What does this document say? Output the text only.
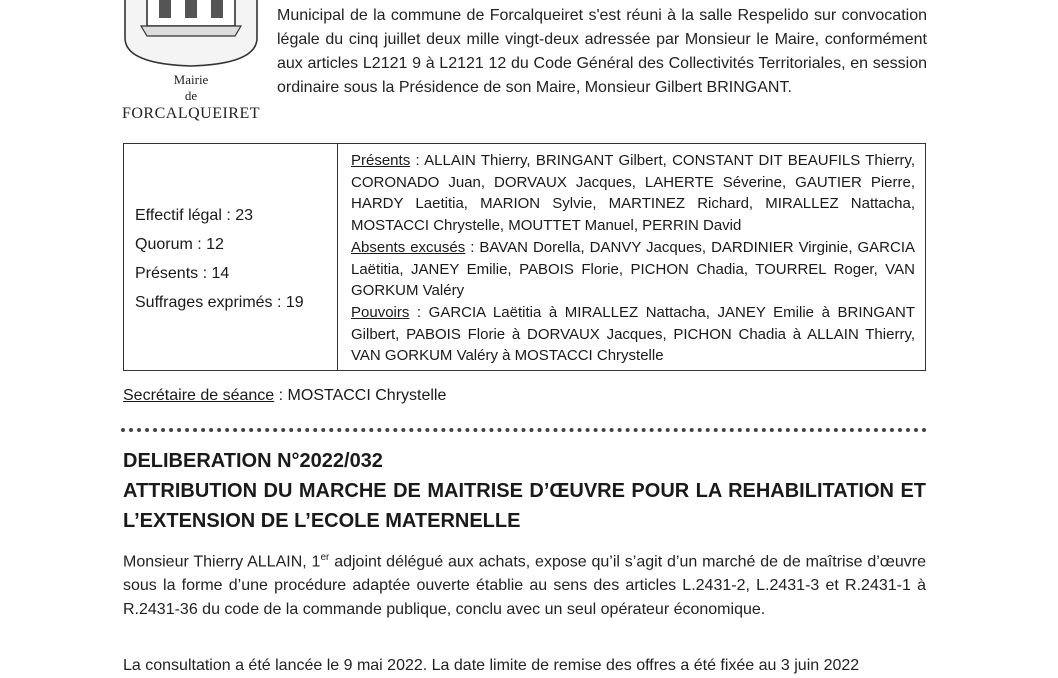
Mairie
de
FORCALQUEIRET
Municipal de la commune de Forcalqueiret s'est réuni à la salle Respelido sur convocation légale du cinq juillet deux mille vingt-deux adressée par Monsieur le Maire, conformément aux articles L2121 9 à L2121 12 du Code Général des Collectivités Territoriales, en session ordinaire sous la Présidence de son Maire, Monsieur Gilbert BRINGANT.
Effectif légal : 23
Quorum : 12
Présents : 14
Suffrages exprimés : 19
Présents : ALLAIN Thierry, BRINGANT Gilbert, CONSTANT DIT BEAUFILS Thierry, CORONADO Juan, DORVAUX Jacques, LAHERTE Séverine, GAUTIER Pierre, HARDY Laetitia, MARION Sylvie, MARTINEZ Richard, MIRALLEZ Nattacha, MOSTACCI Chrystelle, MOUTTET Manuel, PERRIN David
Absents excusés : BAVAN Dorella, DANVY Jacques, DARDINIER Virginie, GARCIA Laëtitia, JANEY Emilie, PABOIS Florie, PICHON Chadia, TOURREL Roger, VAN GORKUM Valéry
Pouvoirs : GARCIA Laëtitia à MIRALLEZ Nattacha, JANEY Emilie à BRINGANT Gilbert, PABOIS Florie à DORVAUX Jacques, PICHON Chadia à ALLAIN Thierry, VAN GORKUM Valéry à MOSTACCI Chrystelle
Secrétaire de séance : MOSTACCI Chrystelle
DELIBERATION N°2022/032
ATTRIBUTION DU MARCHE DE MAITRISE D’ŒUVRE POUR LA REHABILITATION ET
L’EXTENSION DE L’ECOLE MATERNELLE
Monsieur Thierry ALLAIN, 1er adjoint délégué aux achats, expose qu’il s’agit d’un marché de de maîtrise d’œuvre sous la forme d’une procédure adaptée ouverte établie au sens des articles L.2431-2, L.2431-3 et R.2431-1 à R.2431-36 du code de la commande publique, conclu avec un seul opérateur économique.
La consultation a été lancée le 9 mai 2022. La date limite de remise des offres a été fixée au 3 juin 2022
